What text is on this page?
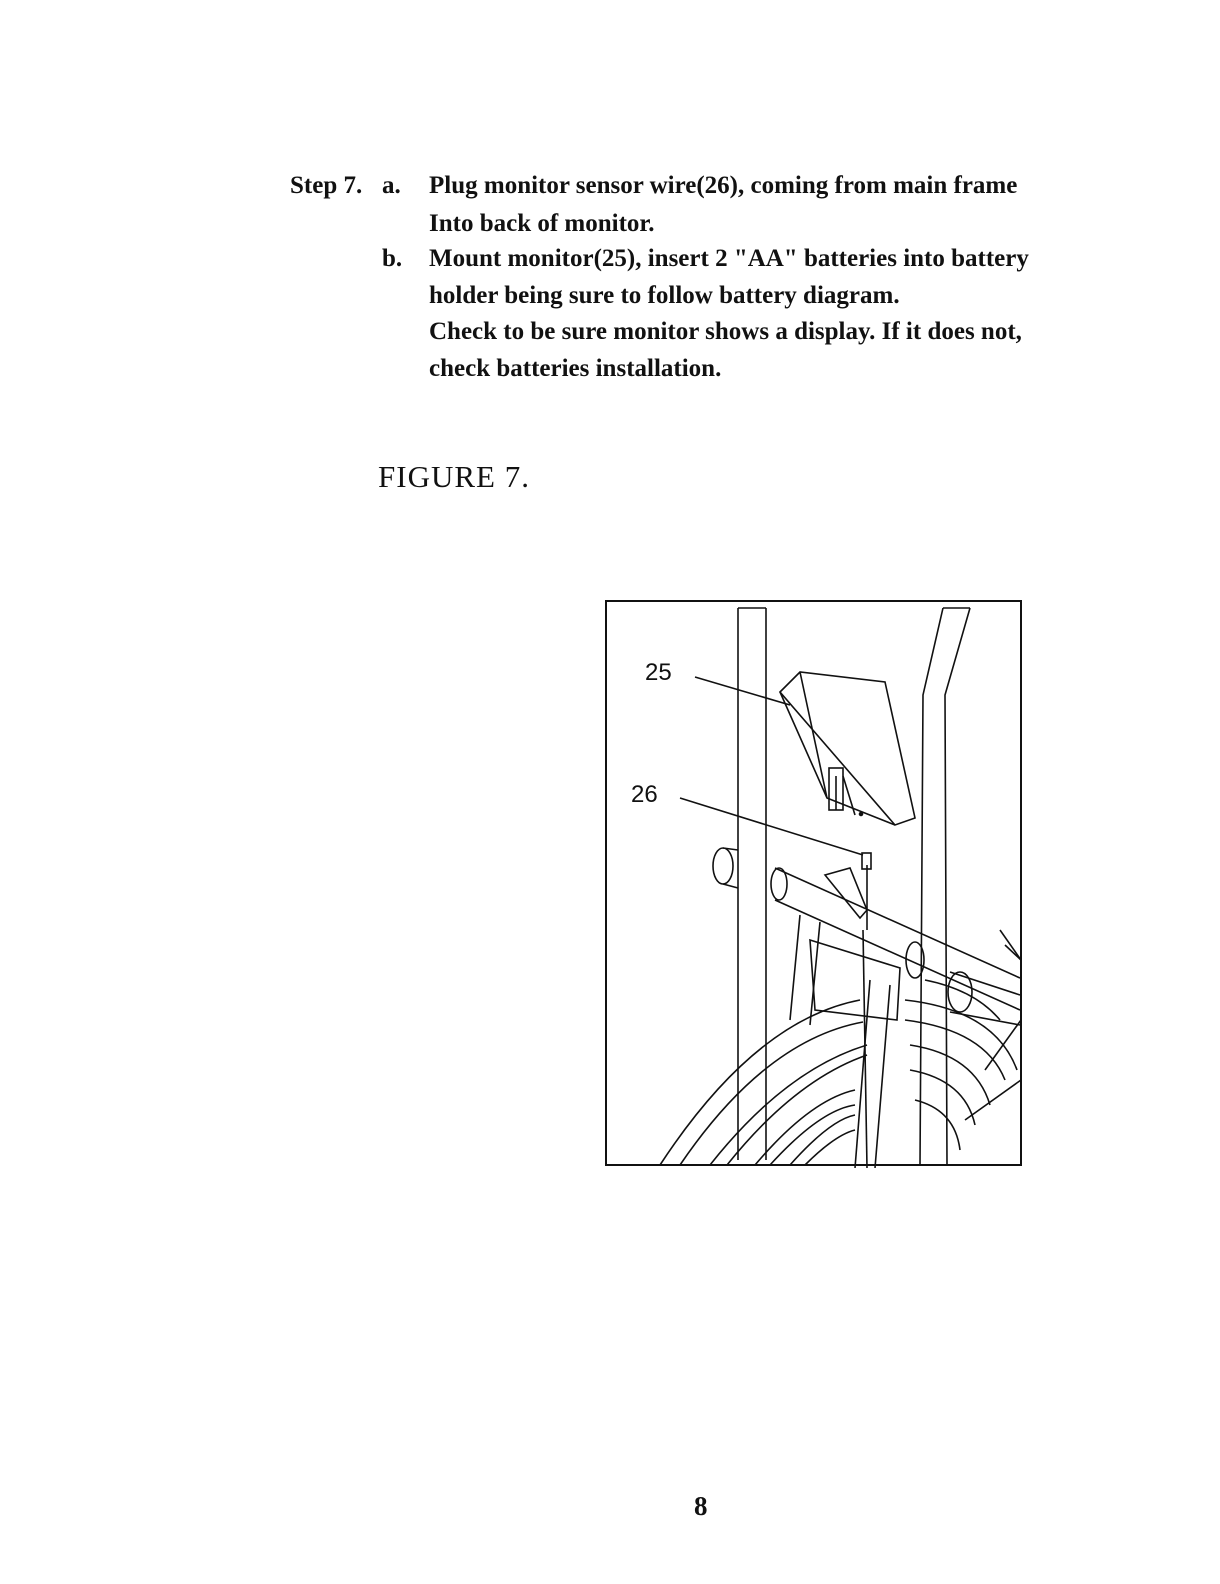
Step 7. a. Plug monitor sensor wire(26), coming from main frame
Into back of monitor.
b. Mount monitor(25), insert 2 "AA" batteries into battery
holder being sure to follow battery diagram.
Check to be sure monitor shows a display. If it does not,
check batteries installation.
FIGURE 7.
25
26
8
